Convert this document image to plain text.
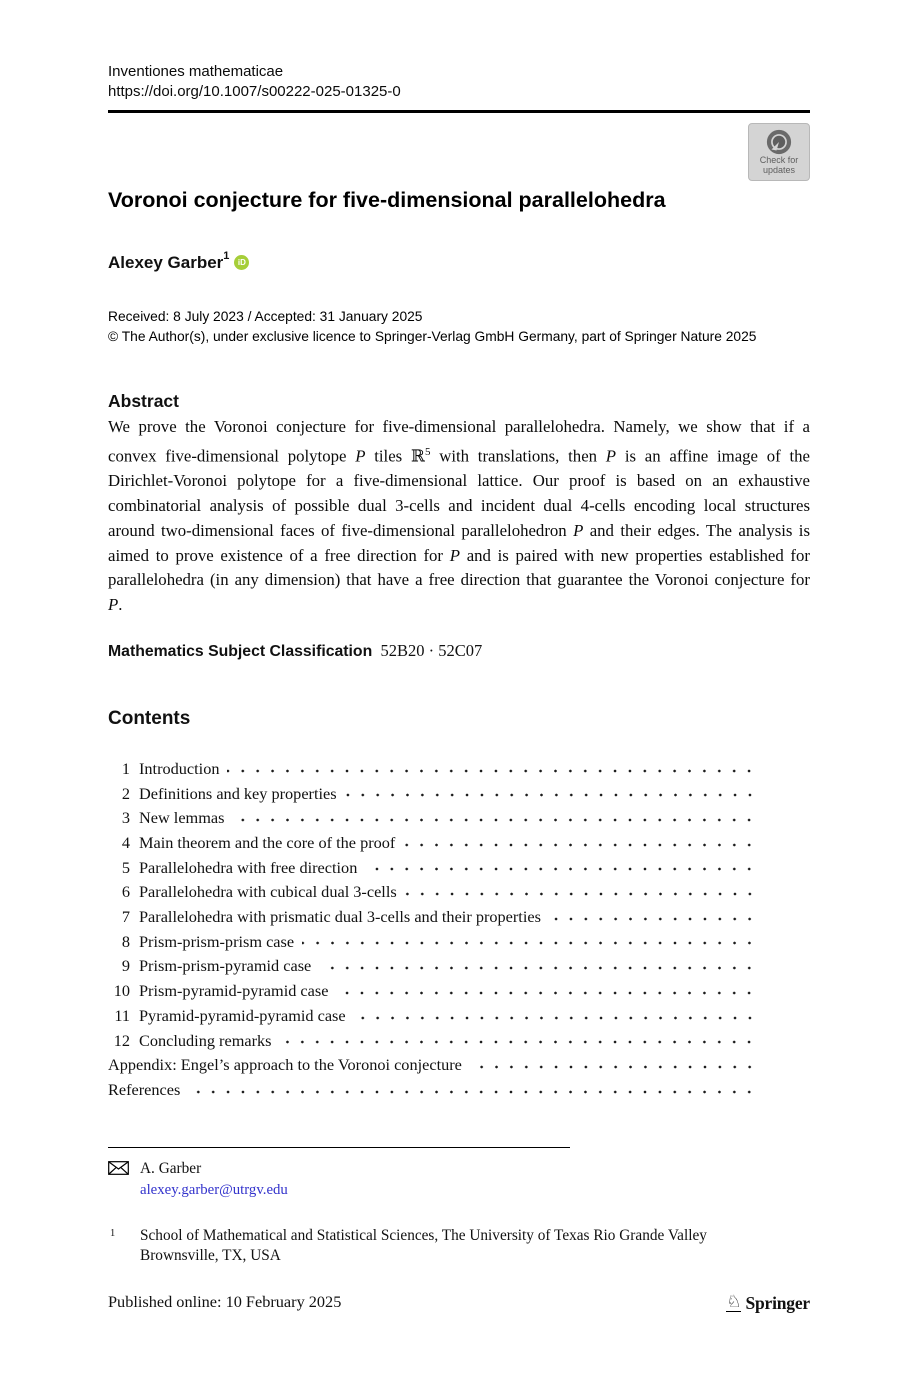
Inventiones mathematicae
https://doi.org/10.1007/s00222-025-01325-0
Check for
updates
Voronoi conjecture for five-dimensional parallelohedra
Alexey Garber 1
iD
Received: 8 July 2023 / Accepted: 31 January 2025
© The Author(s), under exclusive licence to Springer-Verlag GmbH Germany, part of Springer Nature 2025
Abstract

We prove the Voronoi conjecture for five-dimensional parallelohedra. Namely, we show that if a convex five-dimensional polytope P tiles ℝ$^5$ with translations, then P is an affine image of the Dirichlet-Voronoi polytope for a five-dimensional lattice. Our proof is based on an exhaustive combinatorial analysis of possible dual 3-cells and incident dual 4-cells encoding local structures around two-dimensional faces of five-dimensional parallelohedron P and their edges. The analysis is aimed to prove existence of a free direction for P and is paired with new properties established for parallelohedra (in any dimension) that have a free direction that guarantee the Voronoi conjecture for P.

Mathematics Subject Classification 52B20 · 52C07
Contents
1 Introduction
2 Definitions and key properties
3 New lemmas
4 Main theorem and the core of the proof
5 Parallelohedra with free direction
6 Parallelohedra with cubical dual 3-cells
7 Parallelohedra with prismatic dual 3-cells and their properties
8 Prism-prism-prism case
9 Prism-prism-pyramid case
10 Prism-pyramid-pyramid case
11 Pyramid-pyramid-pyramid case
12 Concluding remarks
Appendix: Engel’s approach to the Voronoi conjecture
References
A. Garber
alexey.garber@utrgv.edu
1	School of Mathematical and Statistical Sciences, The University of Texas Rio Grande Valley
Brownsville, TX, USA
Published online: 10 February 2025	♘ Springer
